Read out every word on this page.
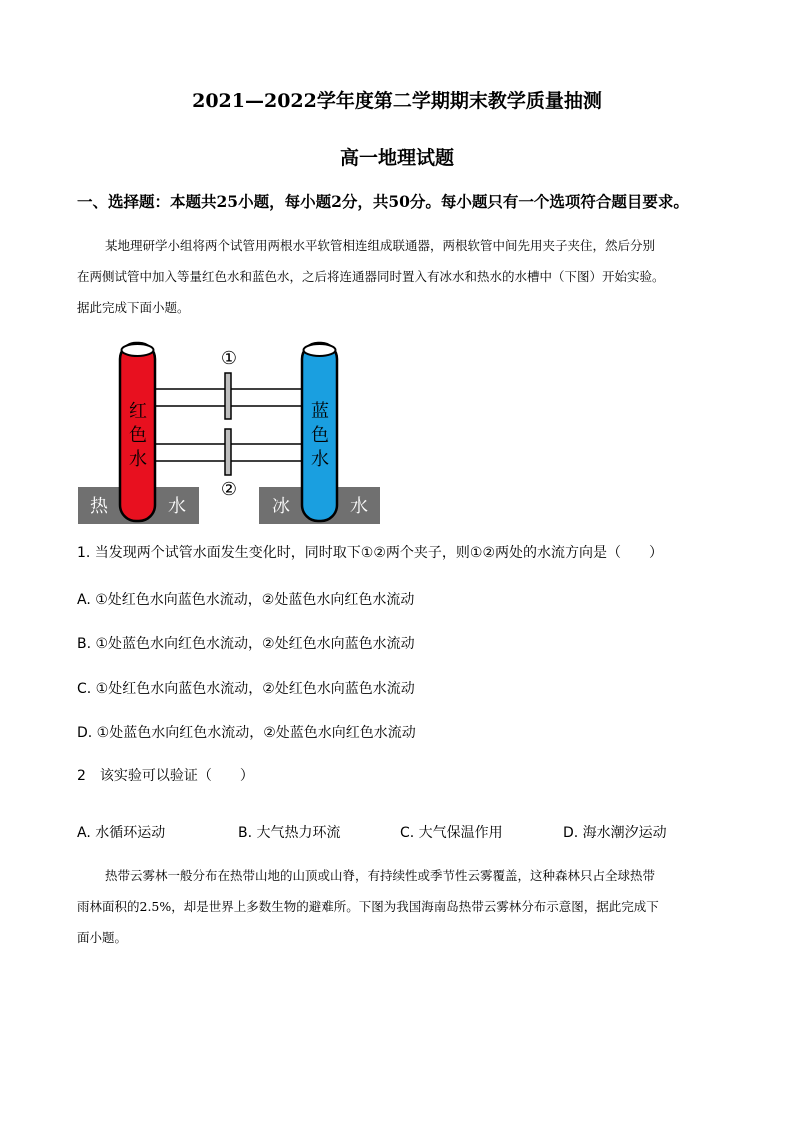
2021—2022学年度第二学期期末教学质量抽测
高一地理试题
一、选择题：本题共25小题，每小题2分，共50分。每小题只有一个选项符合题目要求。
某地理研学小组将两个试管用两根水平软管相连组成联通器，两根软管中间先用夹子夹住，然后分别
在两侧试管中加入等量红色水和蓝色水，之后将连通器同时置入有冰水和热水的水槽中（下图）开始实验。
据此完成下面小题。
红
色
水
蓝
色
水
①
②
热	水	冰	水
1. 当发现两个试管水面发生变化时，同时取下①②两个夹子，则①②两处的水流方向是（　　）
A. ①处红色水向蓝色水流动，②处蓝色水向红色水流动
B. ①处蓝色水向红色水流动，②处红色水向蓝色水流动
C. ①处红色水向蓝色水流动，②处红色水向蓝色水流动
D. ①处蓝色水向红色水流动，②处蓝色水向红色水流动
2　该实验可以验证（　　）
A. 水循环运动	B. 大气热力环流	C. 大气保温作用	D. 海水潮汐运动
热带云雾林一般分布在热带山地的山顶或山脊，有持续性或季节性云雾覆盖，这种森林只占全球热带
雨林面积的2.5%，却是世界上多数生物的避难所。下图为我国海南岛热带云雾林分布示意图，据此完成下
面小题。
